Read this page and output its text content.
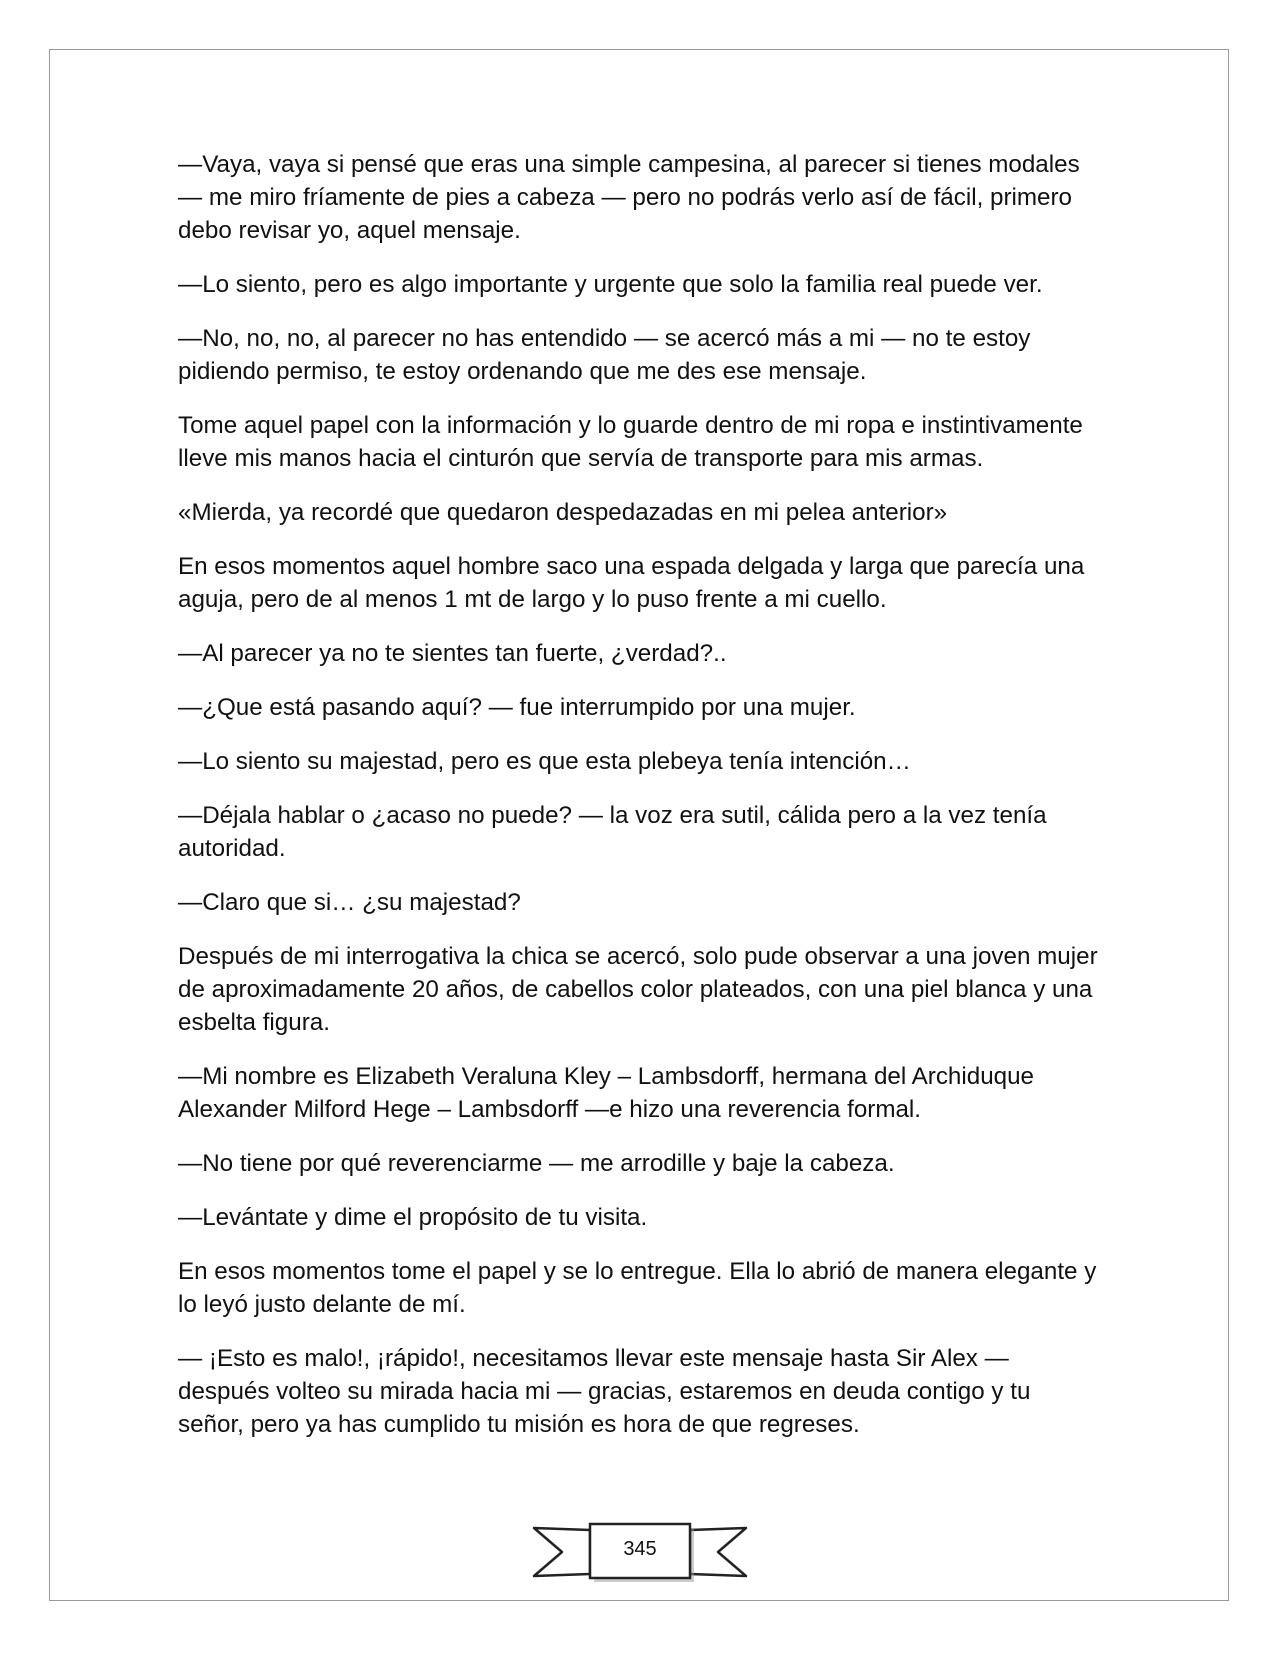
—Vaya, vaya si pensé que eras una simple campesina, al parecer si tienes modales — me miro fríamente de pies a cabeza — pero no podrás verlo así de fácil, primero debo revisar yo, aquel mensaje.

—Lo siento, pero es algo importante y urgente que solo la familia real puede ver.

—No, no, no, al parecer no has entendido — se acercó más a mi — no te estoy pidiendo permiso, te estoy ordenando que me des ese mensaje.

Tome aquel papel con la información y lo guarde dentro de mi ropa e instintivamente lleve mis manos hacia el cinturón que servía de transporte para mis armas.

«Mierda, ya recordé que quedaron despedazadas en mi pelea anterior»

En esos momentos aquel hombre saco una espada delgada y larga que parecía una aguja, pero de al menos 1 mt de largo y lo puso frente a mi cuello.

—Al parecer ya no te sientes tan fuerte, ¿verdad?..

—¿Que está pasando aquí? — fue interrumpido por una mujer.

—Lo siento su majestad, pero es que esta plebeya tenía intención…

—Déjala hablar o ¿acaso no puede? — la voz era sutil, cálida pero a la vez tenía autoridad.

—Claro que si… ¿su majestad?

Después de mi interrogativa la chica se acercó, solo pude observar a una joven mujer de aproximadamente 20 años, de cabellos color plateados, con una piel blanca y una esbelta figura.

—Mi nombre es Elizabeth Veraluna Kley – Lambsdorff, hermana del Archiduque Alexander Milford Hege – Lambsdorff —e hizo una reverencia formal.

—No tiene por qué reverenciarme — me arrodille y baje la cabeza.

—Levántate y dime el propósito de tu visita.

En esos momentos tome el papel y se lo entregue. Ella lo abrió de manera elegante y lo leyó justo delante de mí.

— ¡Esto es malo!, ¡rápido!, necesitamos llevar este mensaje hasta Sir Alex — después volteo su mirada hacia mi — gracias, estaremos en deuda contigo y tu señor, pero ya has cumplido tu misión es hora de que regreses.

345
